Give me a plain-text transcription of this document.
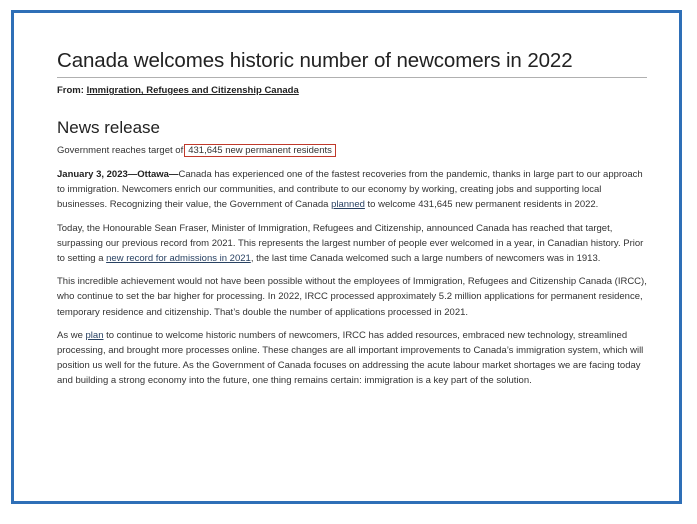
Canada welcomes historic number of newcomers in 2022
From: Immigration, Refugees and Citizenship Canada
News release
Government reaches target of 431,645 new permanent residents

January 3, 2023—Ottawa—Canada has experienced one of the fastest recoveries from the pandemic, thanks in large part to our approach to immigration. Newcomers enrich our communities, and contribute to our economy by working, creating jobs and supporting local businesses. Recognizing their value, the Government of Canada planned to welcome 431,645 new permanent residents in 2022.

Today, the Honourable Sean Fraser, Minister of Immigration, Refugees and Citizenship, announced Canada has reached that target, surpassing our previous record from 2021. This represents the largest number of people ever welcomed in a year, in Canadian history. Prior to setting a new record for admissions in 2021, the last time Canada welcomed such a large numbers of newcomers was in 1913.

This incredible achievement would not have been possible without the employees of Immigration, Refugees and Citizenship Canada (IRCC), who continue to set the bar higher for processing. In 2022, IRCC processed approximately 5.2 million applications for permanent residence, temporary residence and citizenship. That’s double the number of applications processed in 2021.

As we plan to continue to welcome historic numbers of newcomers, IRCC has added resources, embraced new technology, streamlined processing, and brought more processes online. These changes are all important improvements to Canada’s immigration system, which will position us well for the future. As the Government of Canada focuses on addressing the acute labour market shortages we are facing today and building a strong economy into the future, one thing remains certain: immigration is a key part of the solution.
